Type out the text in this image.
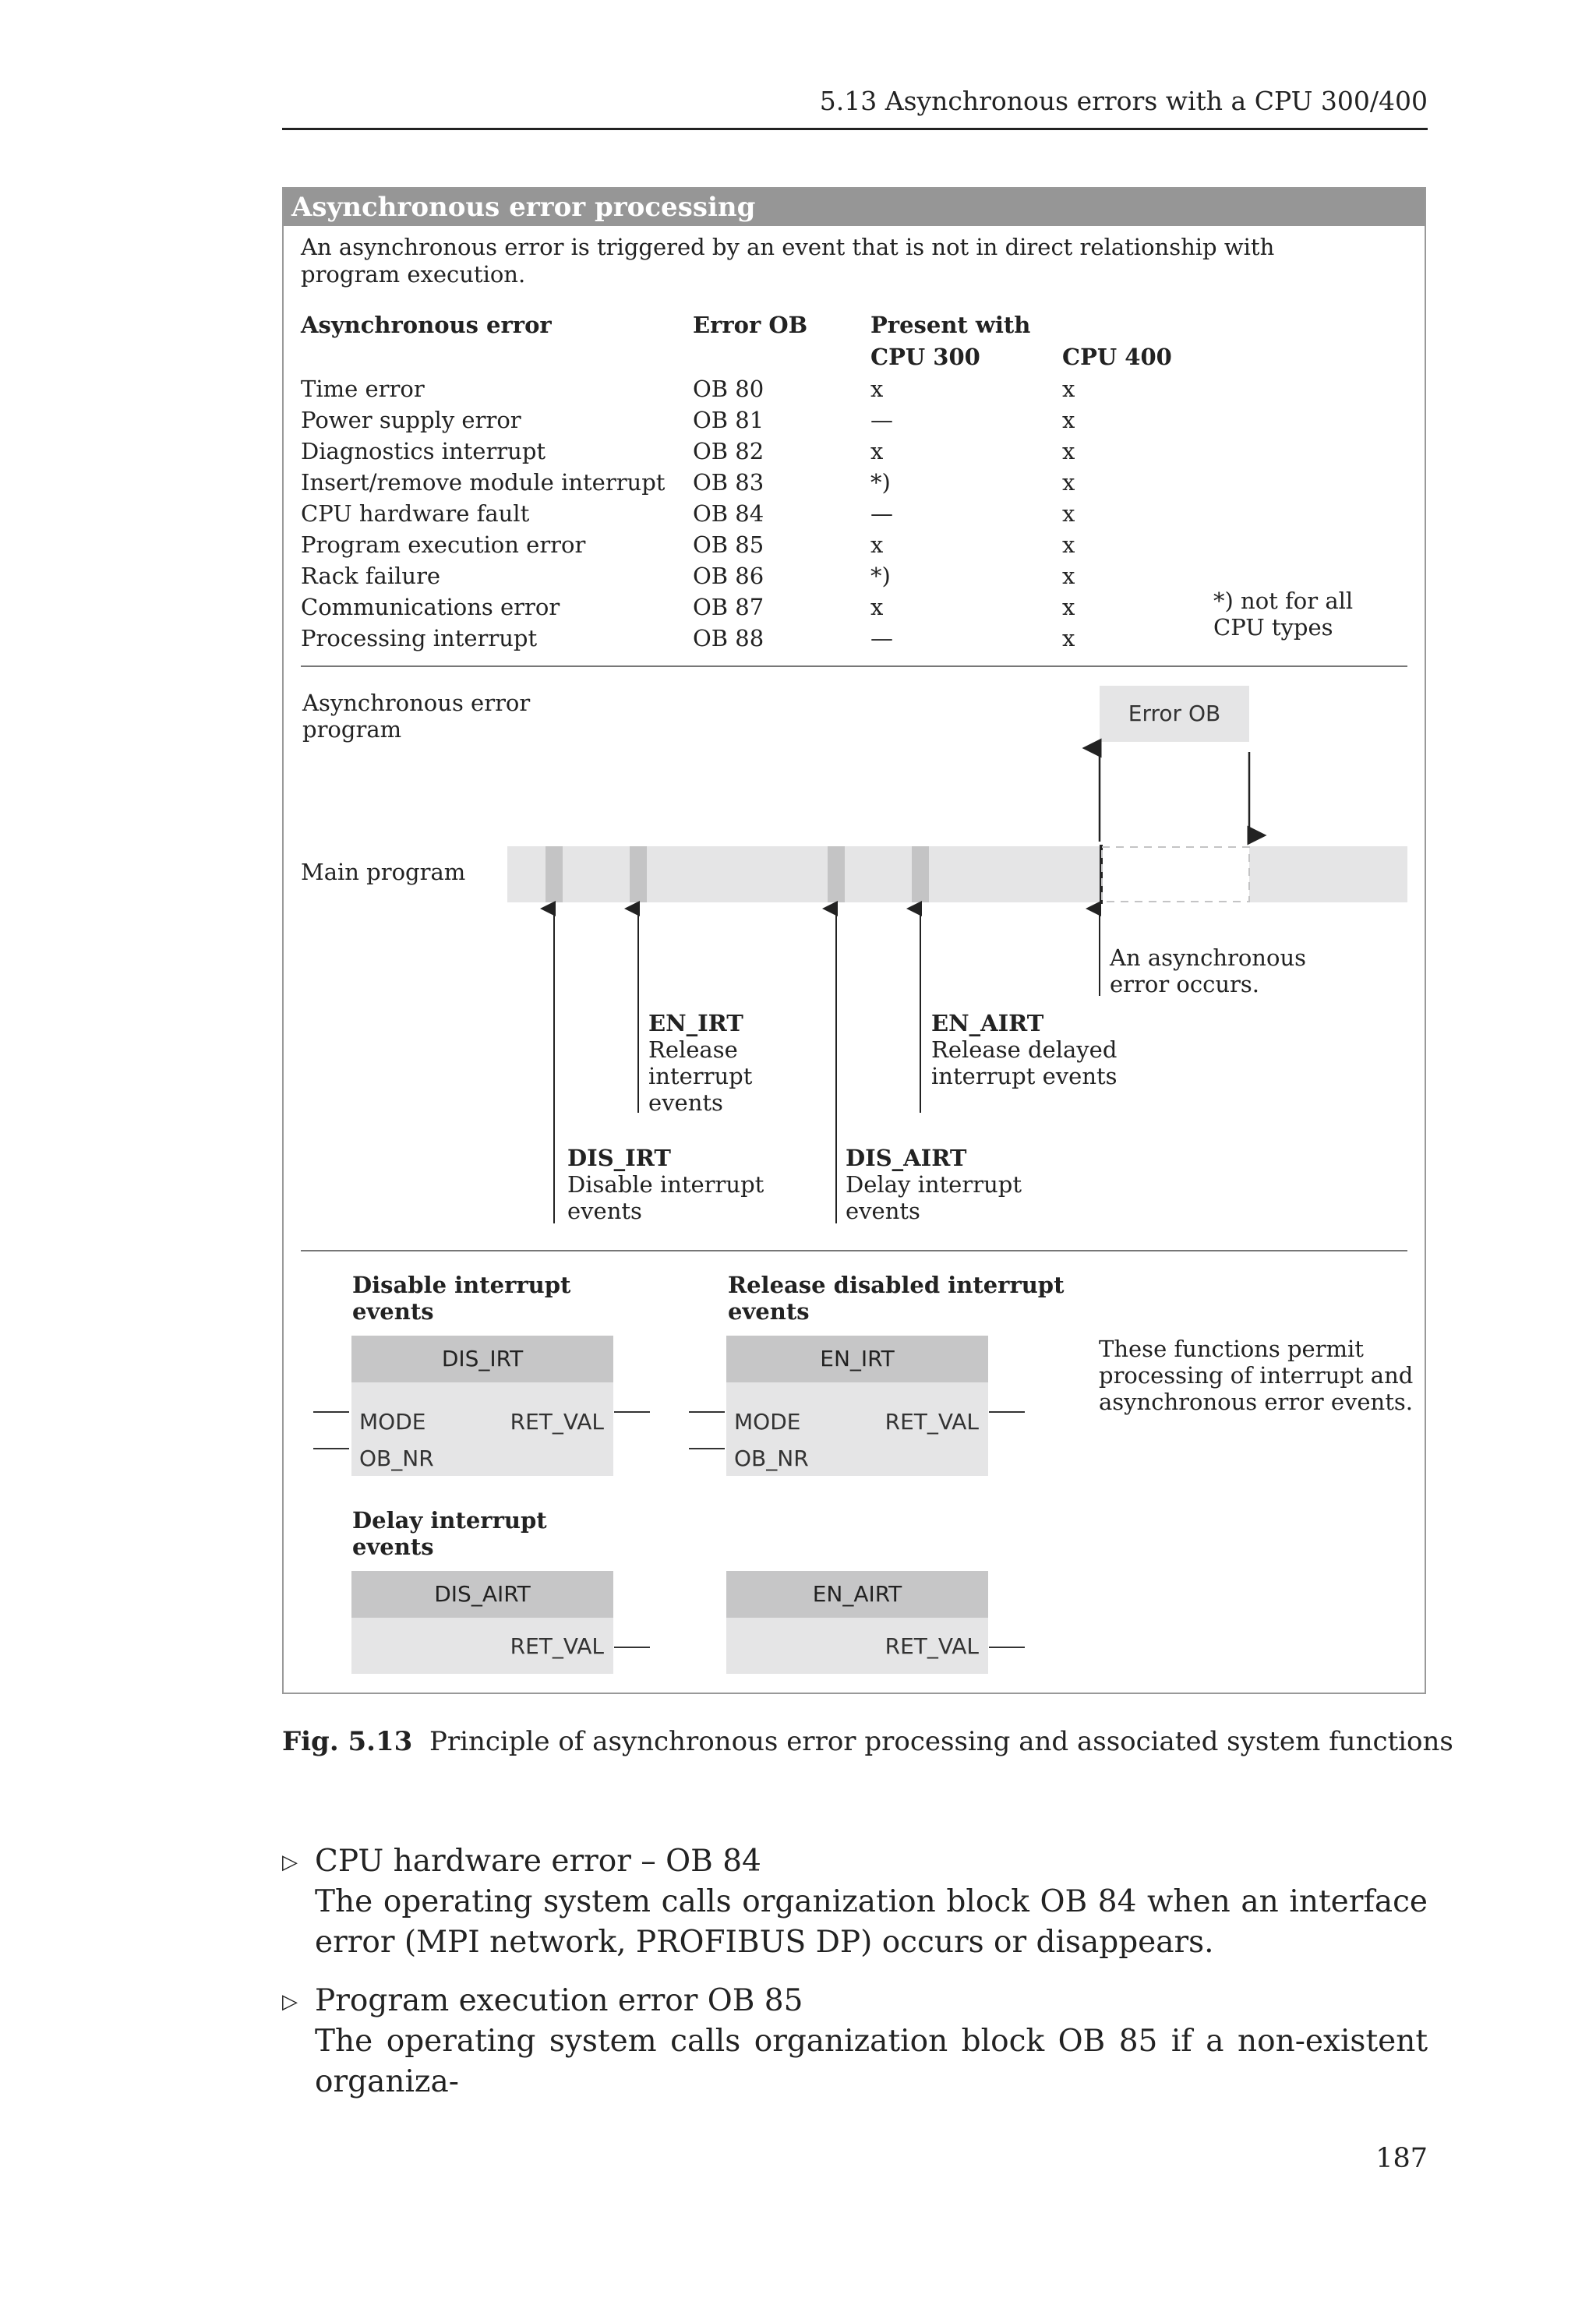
5.13 Asynchronous errors with a CPU 300/400
Asynchronous error processing
An asynchronous error is triggered by an event that is not in direct relationship with program execution.
Asynchronous error	Error OB	Present with
CPU 300	CPU 400
Time error	OB 80	x	x
Power supply error	OB 81	—	x
Diagnostics interrupt	OB 82	x	x
Insert/remove module interrupt OB 83	*)	x
CPU hardware fault	OB 84	—	x
Program execution error	OB 85	x	x
Rack failure	OB 86	*)	x
Communications error	OB 87	x	x
Processing interrupt	OB 88	—	x
*) not for all CPU types
Asynchronous error program
Error OB
Main program
An asynchronous error occurs.
EN_IRT
Release interrupt events
EN_AIRT
Release delayed interrupt events
DIS_IRT
Disable interrupt events
DIS_AIRT
Delay interrupt events
Disable interrupt events
Release disabled interrupt events
These functions permit processing of interrupt and asynchronous error events.
DIS_IRT
MODE
OB_NR
RET_VAL
EN_IRT
MODE
OB_NR
RET_VAL
Delay interrupt events
DIS_AIRT
RET_VAL
EN_AIRT
RET_VAL
Fig. 5.13 Principle of asynchronous error processing and associated system functions
▷ CPU hardware error – OB 84
The operating system calls organization block OB 84 when an interface error (MPI network, PROFIBUS DP) occurs or disappears.
▷ Program execution error OB 85
The operating system calls organization block OB 85 if a non-existent organiza-
187
